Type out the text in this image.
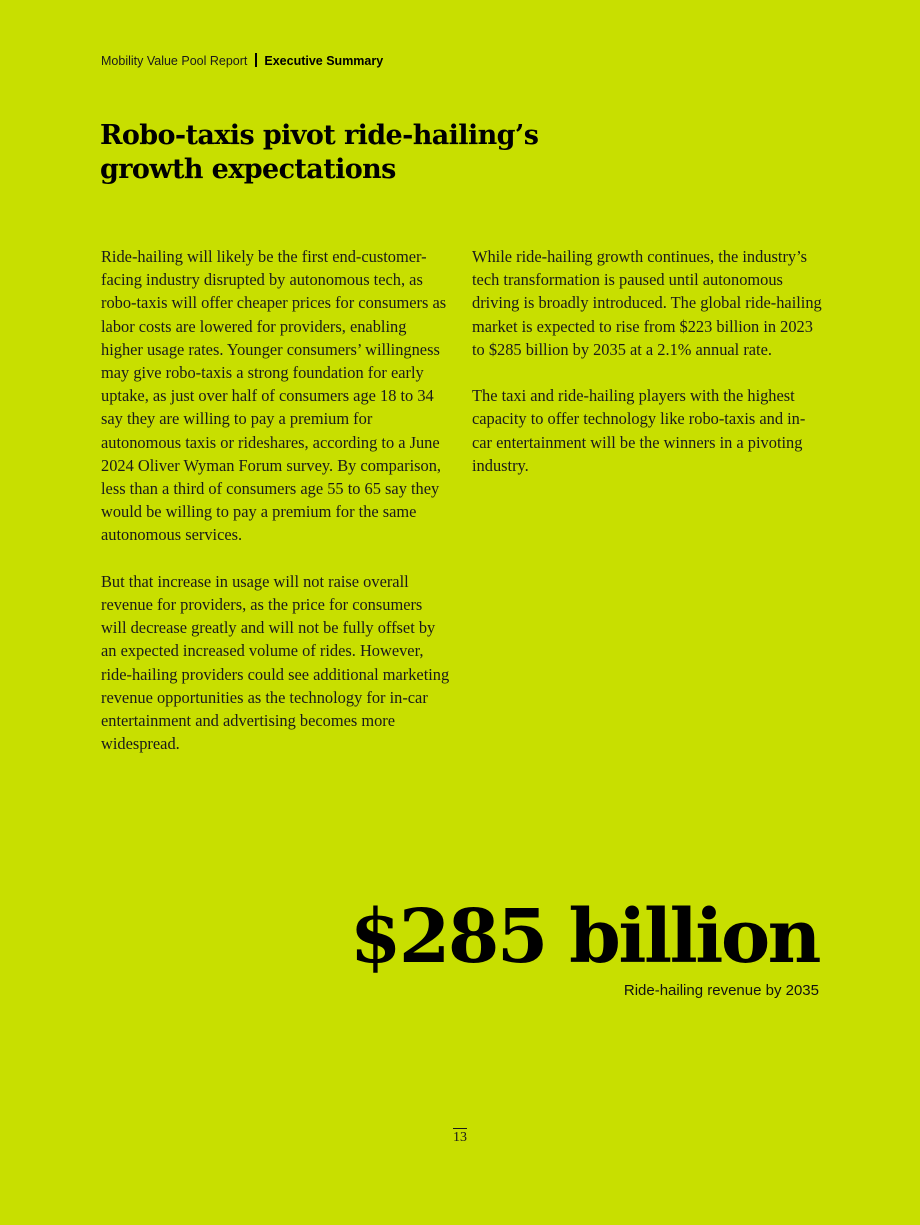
Mobility Value Pool Report Executive Summary
Robo-taxis pivot ride-hailing’s
growth expectations

Ride-hailing will likely be the first end-customer-facing industry disrupted by autonomous tech, as robo-taxis will offer cheaper prices for consumers as labor costs are lowered for providers, enabling higher usage rates. Younger consumers’ willingness may give robo-taxis a strong foundation for early uptake, as just over half of consumers age 18 to 34 say they are willing to pay a premium for autonomous taxis or rideshares, according to a June 2024 Oliver Wyman Forum survey. By comparison, less than a third of consumers age 55 to 65 say they would be willing to pay a premium for the same autonomous services.

But that increase in usage will not raise overall revenue for providers, as the price for consumers will decrease greatly and will not be fully offset by an expected increased volume of rides. However, ride-hailing providers could see additional marketing revenue opportunities as the technology for in-car entertainment and advertising becomes more widespread.

While ride-hailing growth continues, the industry’s tech transformation is paused until autonomous driving is broadly introduced. The global ride-hailing market is expected to rise from $223 billion in 2023 to $285 billion by 2035 at a 2.1% annual rate.

The taxi and ride-hailing players with the highest capacity to offer technology like robo-taxis and in-car entertainment will be the winners in a pivoting industry.

$285 billion
Ride-hailing revenue by 2035
13
